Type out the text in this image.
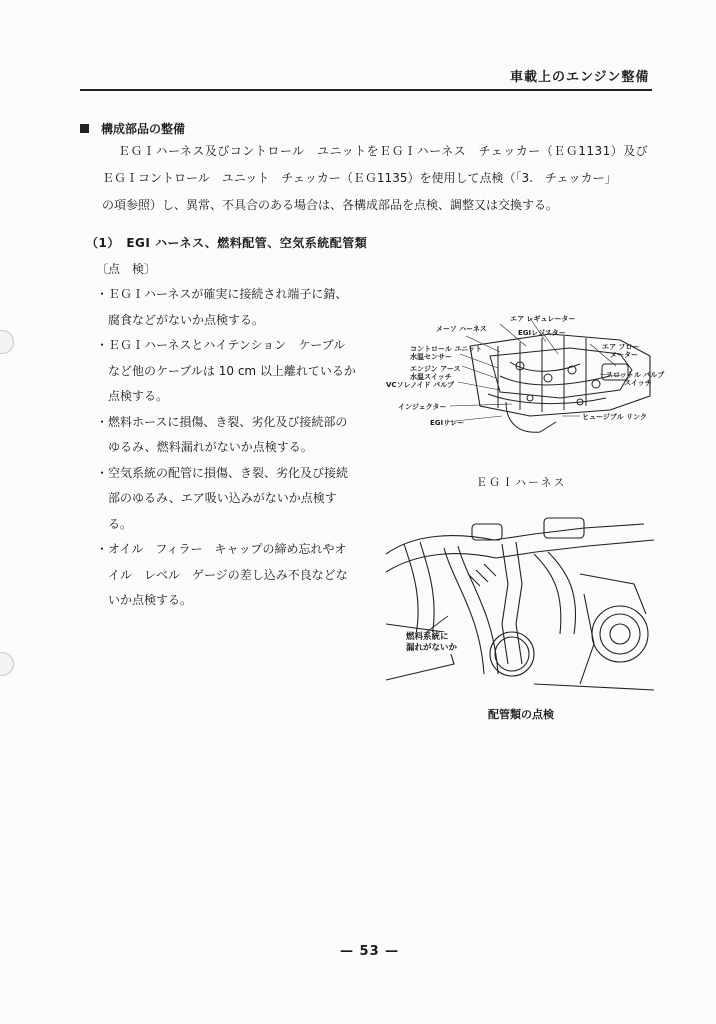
車載上のエンジン整備
構成部品の整備
ＥＧＩハーネス及びコントロール　ユニットをＥＧＩハーネス　チェッカー（ＥＧ1131）及び
ＥＧＩコントロール　ユニット　チェッカー（ＥＧ1135）を使用して点検（「3.　チェッカー」
の項参照）し、異常、不具合のある場合は、各構成部品を点検、調整又は交換する。
（1）　EGI ハーネス、燃料配管、空気系統配管類
〔点　検〕
・ＥＧＩハーネスが確実に接続され端子に錆、
　腐食などがないか点検する。
・ＥＧＩハーネスとハイテンション　ケーブル
　など他のケーブルは 10 cm 以上離れているか
　点検する。
・燃料ホースに損傷、き裂、劣化及び接続部の
　ゆるみ、燃料漏れがないか点検する。
・空気系統の配管に損傷、き裂、劣化及び接続
　部のゆるみ、エア吸い込みがないか点検す
　る。
・オイル　フィラー　キャップの締め忘れやオ
　イル　レベル　ゲージの差し込み不良などな
　いか点検する。
メーソ ハーネス
エア レギュレーター
EGIレジスター
コントロール ユニット
水温センサー
エア フロー
メーター
エンジン アース
水温スイッチ
VCソレノイド バルブ
スロットル バルブ
スイッチ
インジェクター
EGIリレー
ヒュージブル リンク
ＥＧＩハーネス
燃料系統に
漏れがないか
配管類の点検
— 53 —
